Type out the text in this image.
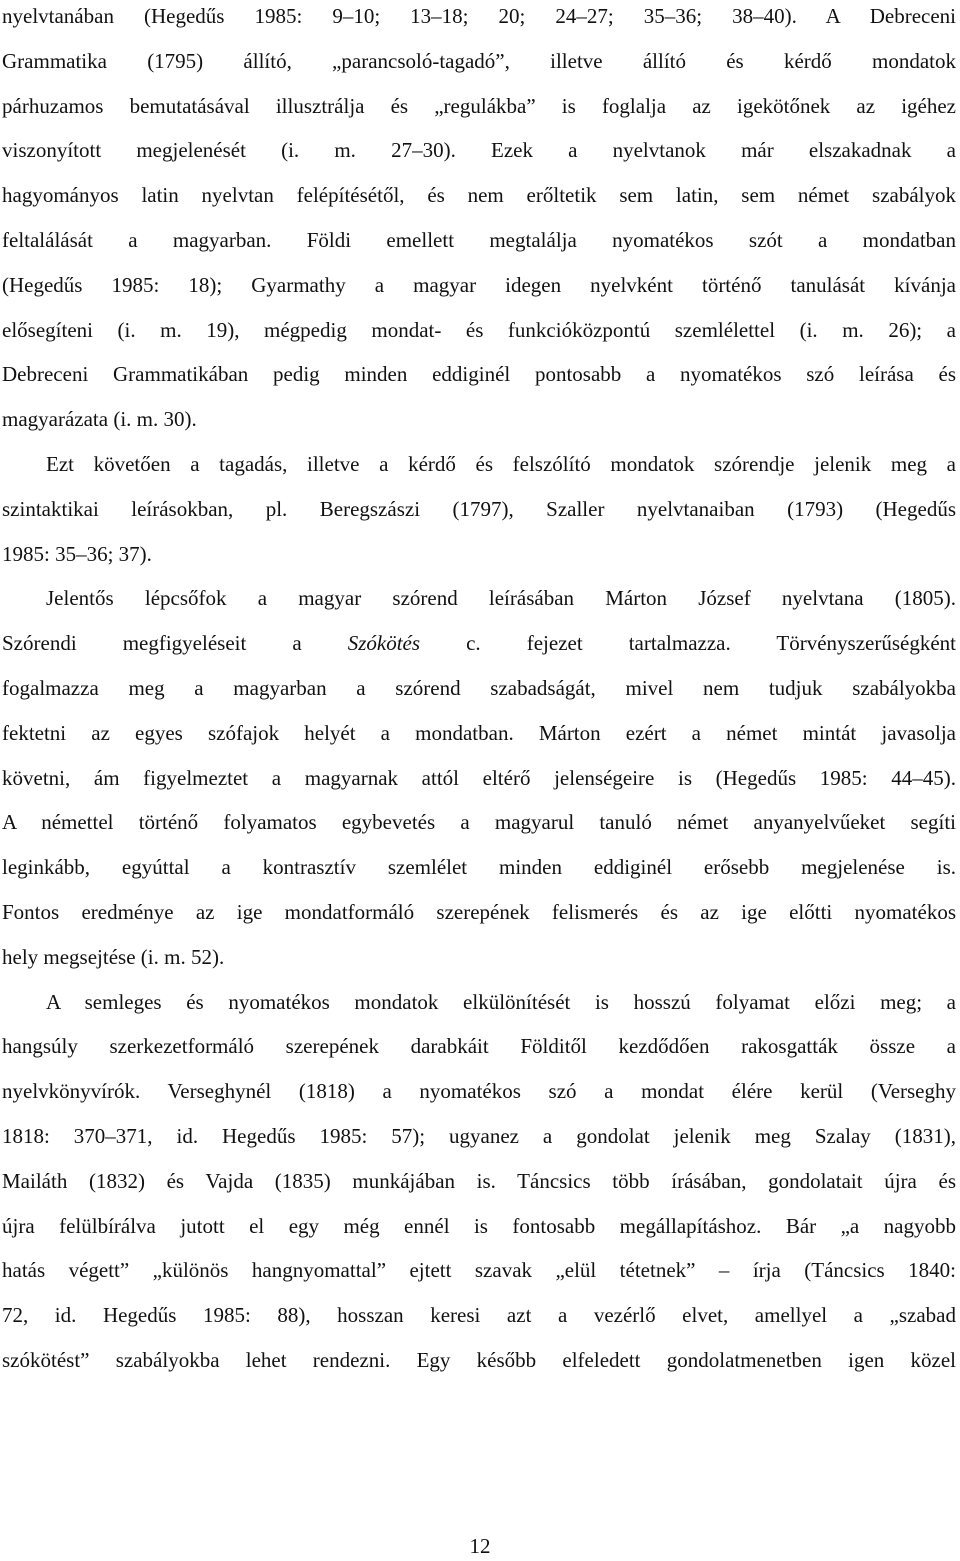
nyelvtanában (Hegedűs 1985: 9–10; 13–18; 20; 24–27; 35–36; 38–40). A Debreceni
Grammatika (1795) állító, „parancsoló-tagadó”, illetve állító és kérdő mondatok
párhuzamos bemutatásával illusztrálja és „regulákba” is foglalja az igekötőnek az igéhez
viszonyított megjelenését (i. m. 27–30). Ezek a nyelvtanok már elszakadnak a
hagyományos latin nyelvtan felépítésétől, és nem erőltetik sem latin, sem német szabályok
feltalálását a magyarban. Földi emellett megtalálja nyomatékos szót a mondatban
(Hegedűs 1985: 18); Gyarmathy a magyar idegen nyelvként történő tanulását kívánja
elősegíteni (i. m. 19), mégpedig mondat- és funkcióközpontú szemlélettel (i. m. 26); a
Debreceni Grammatikában pedig minden eddiginél pontosabb a nyomatékos szó leírása és
magyarázata (i. m. 30).
Ezt követően a tagadás, illetve a kérdő és felszólító mondatok szórendje jelenik meg a
szintaktikai leírásokban, pl. Beregszászi (1797), Szaller nyelvtanaiban (1793) (Hegedűs
1985: 35–36; 37).
Jelentős lépcsőfok a magyar szórend leírásában Márton József nyelvtana (1805).
Szórendi megfigyeléseit a Szókötés c. fejezet tartalmazza. Törvényszerűségként
fogalmazza meg a magyarban a szórend szabadságát, mivel nem tudjuk szabályokba
fektetni az egyes szófajok helyét a mondatban. Márton ezért a német mintát javasolja
követni, ám figyelmeztet a magyarnak attól eltérő jelenségeire is (Hegedűs 1985: 44–45).
A némettel történő folyamatos egybevetés a magyarul tanuló német anyanyelvűeket segíti
leginkább, egyúttal a kontrasztív szemlélet minden eddiginél erősebb megjelenése is.
Fontos eredménye az ige mondatformáló szerepének felismerés és az ige előtti nyomatékos
hely megsejtése (i. m. 52).
A semleges és nyomatékos mondatok elkülönítését is hosszú folyamat előzi meg; a
hangsúly szerkezetformáló szerepének darabkáit Földitől kezdődően rakosgatták össze a
nyelvkönyvírók. Verseghynél (1818) a nyomatékos szó a mondat élére kerül (Verseghy
1818: 370–371, id. Hegedűs 1985: 57); ugyanez a gondolat jelenik meg Szalay (1831),
Mailáth (1832) és Vajda (1835) munkájában is. Táncsics több írásában, gondolatait újra és
újra felülbírálva jutott el egy még ennél is fontosabb megállapításhoz. Bár „a nagyobb
hatás végett” „különös hangnyomattal” ejtett szavak „elül tétetnek” – írja (Táncsics 1840:
72, id. Hegedűs 1985: 88), hosszan keresi azt a vezérlő elvet, amellyel a „szabad
szókötést” szabályokba lehet rendezni. Egy később elfeledett gondolatmenetben igen közel
12
